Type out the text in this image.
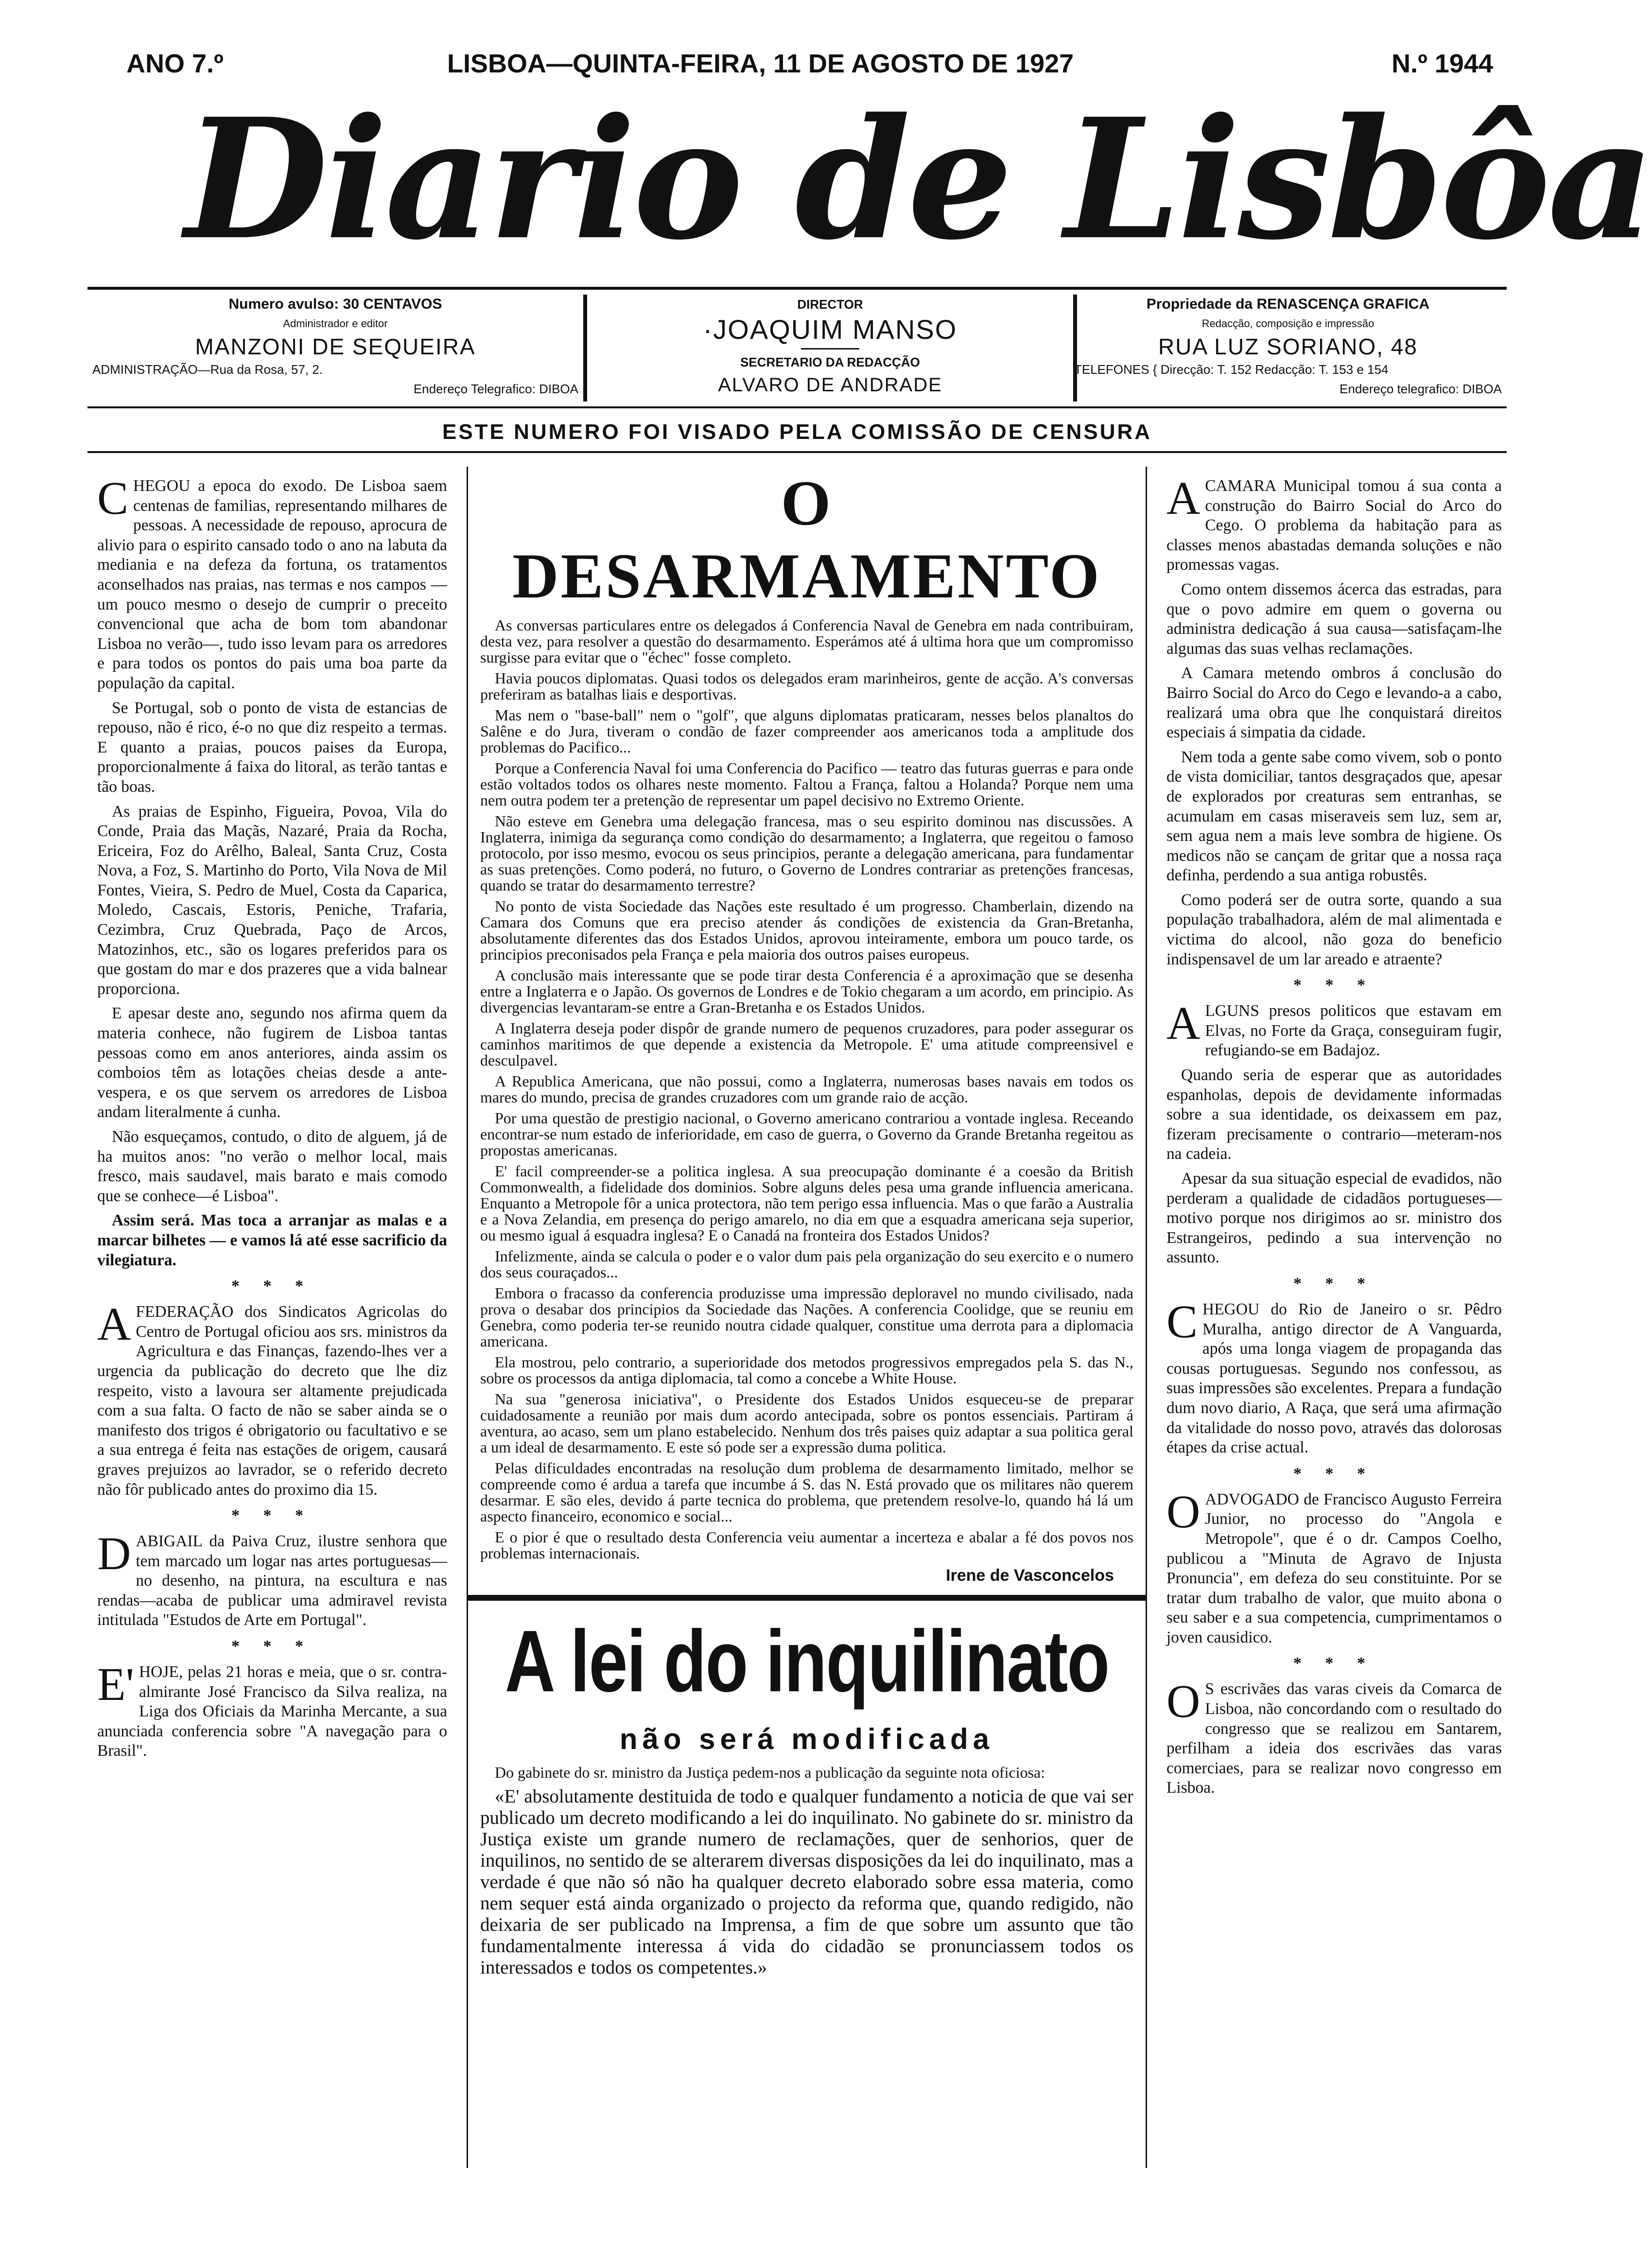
ANO 7.º	LISBOA—QUINTA-FEIRA, 11 DE AGOSTO DE 1927	N.º 1944
Diario de Lisbôa
Numero avulso: 30 CENTAVOS
Administrador e editor
MANZONI DE SEQUEIRA
ADMINISTRAÇÃO—Rua da Rosa, 57, 2.
Endereço Telegrafico: DIBOA
DIRECTOR
·JOAQUIM MANSO
SECRETARIO DA REDACÇÃO
ALVARO DE ANDRADE
Propriedade da RENASCENÇA GRAFICA
Redacção, composição e impressão
RUA LUZ SORIANO, 48
TELEFONES { Direcção: T. 152 Redacção: T. 153 e 154
Endereço telegrafico: DIBOA
ESTE NUMERO FOI VISADO PELA COMISSÃO DE CENSURA

CHEGOU a epoca do exodo. De Lisboa saem centenas de familias, representando milhares de pessoas. A necessidade de repouso, aprocura de alivio para o espirito cansado todo o ano na labuta da mediania e na defeza da fortuna, os tratamentos aconselhados nas praias, nas termas e nos campos — um pouco mesmo o desejo de cumprir o preceito convencional que acha de bom tom abandonar Lisboa no verão—, tudo isso levam para os arredores e para todos os pontos do pais uma boa parte da população da capital.

Se Portugal, sob o ponto de vista de estancias de repouso, não é rico, é-o no que diz respeito a termas. E quanto a praias, poucos paises da Europa, proporcionalmente á faixa do litoral, as terão tantas e tão boas.

As praias de Espinho, Figueira, Povoa, Vila do Conde, Praia das Maçãs, Nazaré, Praia da Rocha, Ericeira, Foz do Arêlho, Baleal, Santa Cruz, Costa Nova, a Foz, S. Martinho do Porto, Vila Nova de Mil Fontes, Vieira, S. Pedro de Muel, Costa da Caparica, Moledo, Cascais, Estoris, Peniche, Trafaria, Cezimbra, Cruz Quebrada, Paço de Arcos, Matozinhos, etc., são os logares preferidos para os que gostam do mar e dos prazeres que a vida balnear proporciona.

E apesar deste ano, segundo nos afirma quem da materia conhece, não fugirem de Lisboa tantas pessoas como em anos anteriores, ainda assim os comboios têm as lotações cheias desde a ante-vespera, e os que servem os arredores de Lisboa andam literalmente á cunha.

Não esqueçamos, contudo, o dito de alguem, já de ha muitos anos: "no verão o melhor local, mais fresco, mais saudavel, mais barato e mais comodo que se conhece—é Lisboa".

Assim será. Mas toca a arranjar as malas e a marcar bilhetes — e vamos lá até esse sacrificio da vilegiatura.

* * *

AFEDERAÇÃO dos Sindicatos Agricolas do Centro de Portugal oficiou aos srs. ministros da Agricultura e das Finanças, fazendo-lhes ver a urgencia da publicação do decreto que lhe diz respeito, visto a lavoura ser altamente prejudicada com a sua falta. O facto de não se saber ainda se o manifesto dos trigos é obrigatorio ou facultativo e se a sua entrega é feita nas estações de origem, causará graves prejuizos ao lavrador, se o referido decreto não fôr publicado antes do proximo dia 15.

* * *

DABIGAIL da Paiva Cruz, ilustre senhora que tem marcado um logar nas artes portuguesas—no desenho, na pintura, na escultura e nas rendas—acaba de publicar uma admiravel revista intitulada "Estudos de Arte em Portugal".

* * *

E' HOJE, pelas 21 horas e meia, que o sr. contra-almirante José Francisco da Silva realiza, na Liga dos Oficiais da Marinha Mercante, a sua anunciada conferencia sobre "A navegação para o Brasil".

O DESARMAMENTO

As conversas particulares entre os delegados á Conferencia Naval de Genebra em nada contribuiram, desta vez, para resolver a questão do desarmamento. Esperámos até á ultima hora que um compromisso surgisse para evitar que o "échec" fosse completo.

Havia poucos diplomatas. Quasi todos os delegados eram marinheiros, gente de acção. A's conversas preferiram as batalhas liais e desportivas.

Mas nem o "base-ball" nem o "golf", que alguns diplomatas praticaram, nesses belos planaltos do Salêne e do Jura, tiveram o condão de fazer compreender aos americanos toda a amplitude dos problemas do Pacifico...

Porque a Conferencia Naval foi uma Conferencia do Pacifico — teatro das futuras guerras e para onde estão voltados todos os olhares neste momento. Faltou a França, faltou a Holanda? Porque nem uma nem outra podem ter a pretenção de representar um papel decisivo no Extremo Oriente.

Não esteve em Genebra uma delegação francesa, mas o seu espirito dominou nas discussões. A Inglaterra, inimiga da segurança como condição do desarmamento; a Inglaterra, que regeitou o famoso protocolo, por isso mesmo, evocou os seus principios, perante a delegação americana, para fundamentar as suas pretenções. Como poderá, no futuro, o Governo de Londres contrariar as pretenções francesas, quando se tratar do desarmamento terrestre?

No ponto de vista Sociedade das Nações este resultado é um progresso. Chamberlain, dizendo na Camara dos Comuns que era preciso atender ás condições de existencia da Gran-Bretanha, absolutamente diferentes das dos Estados Unidos, aprovou inteiramente, embora um pouco tarde, os principios preconisados pela França e pela maioria dos outros paises europeus.

A conclusão mais interessante que se pode tirar desta Conferencia é a aproximação que se desenha entre a Inglaterra e o Japão. Os governos de Londres e de Tokio chegaram a um acordo, em principio. As divergencias levantaram-se entre a Gran-Bretanha e os Estados Unidos.

A Inglaterra deseja poder dispôr de grande numero de pequenos cruzadores, para poder assegurar os caminhos maritimos de que depende a existencia da Metropole. E' uma atitude compreensivel e desculpavel.

A Republica Americana, que não possui, como a Inglaterra, numerosas bases navais em todos os mares do mundo, precisa de grandes cruzadores com um grande raio de acção.

Por uma questão de prestigio nacional, o Governo americano contrariou a vontade inglesa. Receando encontrar-se num estado de inferioridade, em caso de guerra, o Governo da Grande Bretanha regeitou as propostas americanas.

E' facil compreender-se a politica inglesa. A sua preocupação dominante é a coesão da British Commonwealth, a fidelidade dos dominios. Sobre alguns deles pesa uma grande influencia americana. Enquanto a Metropole fôr a unica protectora, não tem perigo essa influencia. Mas o que farão a Australia e a Nova Zelandia, em presença do perigo amarelo, no dia em que a esquadra americana seja superior, ou mesmo igual á esquadra inglesa? E o Canadá na fronteira dos Estados Unidos?

Infelizmente, ainda se calcula o poder e o valor dum pais pela organização do seu exercito e o numero dos seus couraçados...

Embora o fracasso da conferencia produzisse uma impressão deploravel no mundo civilisado, nada prova o desabar dos principios da Sociedade das Nações. A conferencia Coolidge, que se reuniu em Genebra, como poderia ter-se reunido noutra cidade qualquer, constitue uma derrota para a diplomacia americana.

Ela mostrou, pelo contrario, a superioridade dos metodos progressivos empregados pela S. das N., sobre os processos da antiga diplomacia, tal como a concebe a White House.

Na sua "generosa iniciativa", o Presidente dos Estados Unidos esqueceu-se de preparar cuidadosamente a reunião por mais dum acordo antecipada, sobre os pontos essenciais. Partiram á aventura, ao acaso, sem um plano estabelecido. Nenhum dos três paises quiz adaptar a sua politica geral a um ideal de desarmamento. E este só pode ser a expressão duma politica.

Pelas dificuldades encontradas na resolução dum problema de desarmamento limitado, melhor se compreende como é ardua a tarefa que incumbe á S. das N. Está provado que os militares não querem desarmar. E são eles, devido á parte tecnica do problema, que pretendem resolve-lo, quando há lá um aspecto financeiro, economico e social...

E o pior é que o resultado desta Conferencia veiu aumentar a incerteza e abalar a fé dos povos nos problemas internacionais.

Irene de Vasconcelos
A lei do inquilinato
não será modificada

Do gabinete do sr. ministro da Justiça pedem-nos a publicação da seguinte nota oficiosa:

«E' absolutamente destituida de todo e qualquer fundamento a noticia de que vai ser publicado um decreto modificando a lei do inquilinato. No gabinete do sr. ministro da Justiça existe um grande numero de reclamações, quer de senhorios, quer de inquilinos, no sentido de se alterarem diversas disposições da lei do inquilinato, mas a verdade é que não só não ha qualquer decreto elaborado sobre essa materia, como nem sequer está ainda organizado o projecto da reforma que, quando redigido, não deixaria de ser publicado na Imprensa, a fim de que sobre um assunto que tão fundamentalmente interessa á vida do cidadão se pronunciassem todos os interessados e todos os competentes.»

ACAMARA Municipal tomou á sua conta a construção do Bairro Social do Arco do Cego. O problema da habitação para as classes menos abastadas demanda soluções e não promessas vagas.

Como ontem dissemos ácerca das estradas, para que o povo admire em quem o governa ou administra dedicação á sua causa—satisfaçam-lhe algumas das suas velhas reclamações.

A Camara metendo ombros á conclusão do Bairro Social do Arco do Cego e levando-a a cabo, realizará uma obra que lhe conquistará direitos especiais á simpatia da cidade.

Nem toda a gente sabe como vivem, sob o ponto de vista domiciliar, tantos desgraçados que, apesar de explorados por creaturas sem entranhas, se acumulam em casas miseraveis sem luz, sem ar, sem agua nem a mais leve sombra de higiene. Os medicos não se cançam de gritar que a nossa raça definha, perdendo a sua antiga robustês.

Como poderá ser de outra sorte, quando a sua população trabalhadora, além de mal alimentada e victima do alcool, não goza do beneficio indispensavel de um lar areado e atraente?

* * *

ALGUNS presos politicos que estavam em Elvas, no Forte da Graça, conseguiram fugir, refugiando-se em Badajoz.

Quando seria de esperar que as autoridades espanholas, depois de devidamente informadas sobre a sua identidade, os deixassem em paz, fizeram precisamente o contrario—meteram-nos na cadeia.

Apesar da sua situação especial de evadidos, não perderam a qualidade de cidadãos portugueses—motivo porque nos dirigimos ao sr. ministro dos Estrangeiros, pedindo a sua intervenção no assunto.

* * *

CHEGOU do Rio de Janeiro o sr. Pêdro Muralha, antigo director de A Vanguarda, após uma longa viagem de propaganda das cousas portuguesas. Segundo nos confessou, as suas impressões são excelentes. Prepara a fundação dum novo diario, A Raça, que será uma afirmação da vitalidade do nosso povo, através das dolorosas étapes da crise actual.

* * *

OADVOGADO de Francisco Augusto Ferreira Junior, no processo do "Angola e Metropole", que é o dr. Campos Coelho, publicou a "Minuta de Agravo de Injusta Pronuncia", em defeza do seu constituinte. Por se tratar dum trabalho de valor, que muito abona o seu saber e a sua competencia, cumprimentamos o joven causidico.

* * *

O S escrivães das varas civeis da Comarca de Lisboa, não concordando com o resultado do congresso que se realizou em Santarem, perfilham a ideia dos escrivães das varas comerciaes, para se realizar novo congresso em Lisboa.
